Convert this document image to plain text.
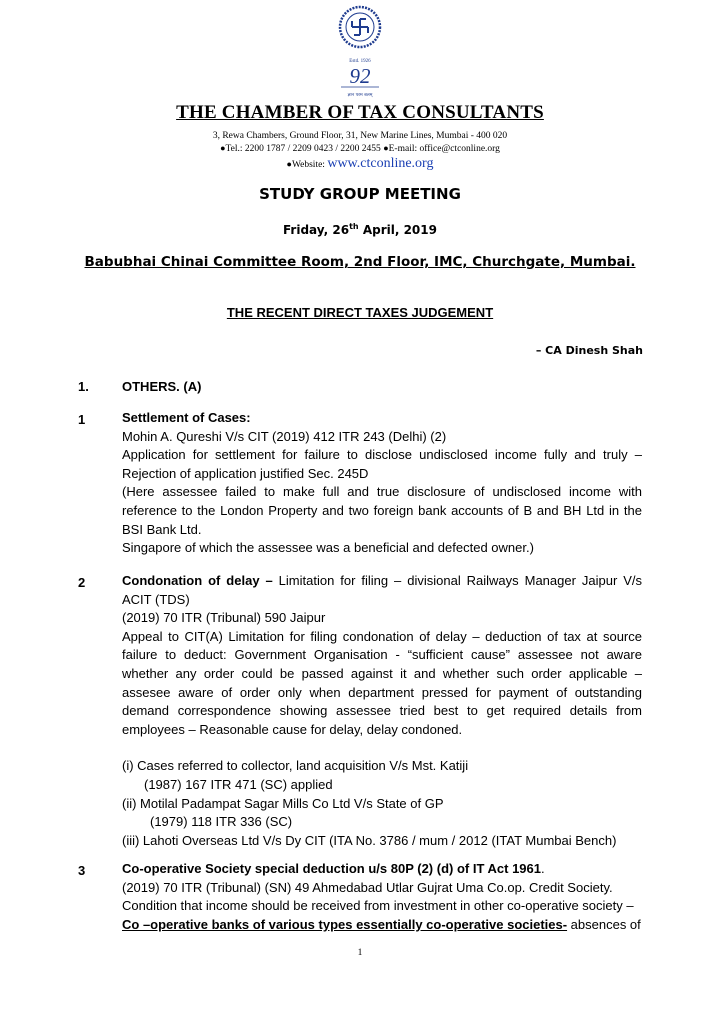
Estd. 1926
92
ज्ञान परम बलम्
THE CHAMBER OF TAX CONSULTANTS
3, Rewa Chambers, Ground Floor, 31, New Marine Lines, Mumbai - 400 020
●Tel.: 2200 1787 / 2209 0423 / 2200 2455 ●E-mail: office@ctconline.org
●Website: www.ctconline.org
STUDY GROUP MEETING
Friday, 26th April, 2019
Babubhai Chinai Committee Room, 2nd Floor, IMC, Churchgate, Mumbai.
THE RECENT DIRECT TAXES JUDGEMENT
– CA Dinesh Shah
1.	OTHERS. (A)
1	Settlement of Cases:

Mohin A. Qureshi V/s CIT (2019) 412 ITR 243 (Delhi) (2)

Application for settlement for failure to disclose undisclosed income fully and truly – Rejection of application justified Sec. 245D

(Here assessee failed to make full and true disclosure of undisclosed income with reference to the London Property and two foreign bank accounts of B and BH Ltd in the BSI Bank Ltd.

Singapore of which the assessee was a beneficial and defected owner.)

2	Condonation of delay – Limitation for filing – divisional Railways Manager Jaipur V/s ACIT (TDS)

(2019) 70 ITR (Tribunal) 590 Jaipur

Appeal to CIT(A) Limitation for filing condonation of delay – deduction of tax at source failure to deduct: Government Organisation - “sufficient cause” assessee not aware whether any order could be passed against it and whether such order applicable – assesee aware of order only when department pressed for payment of outstanding demand correspondence showing assessee tried best to get required details from employees – Reasonable cause for delay, delay condoned.

(i) Cases referred to collector, land acquisition V/s Mst. Katiji

(1987) 167 ITR 471 (SC) applied

(ii) Motilal Padampat Sagar Mills Co Ltd V/s State of GP

(1979) 118 ITR 336 (SC)

(iii) Lahoti Overseas Ltd V/s Dy CIT (ITA No. 3786 / mum / 2012 (ITAT Mumbai Bench)

3	Co-operative Society special deduction u/s 80P (2) (d) of IT Act 1961.

(2019) 70 ITR (Tribunal) (SN) 49 Ahmedabad Utlar Gujrat Uma Co.op. Credit Society.

Condition that income should be received from investment in other co-operative society –

Co –operative banks of various types essentially co-operative societies- absences of

1
